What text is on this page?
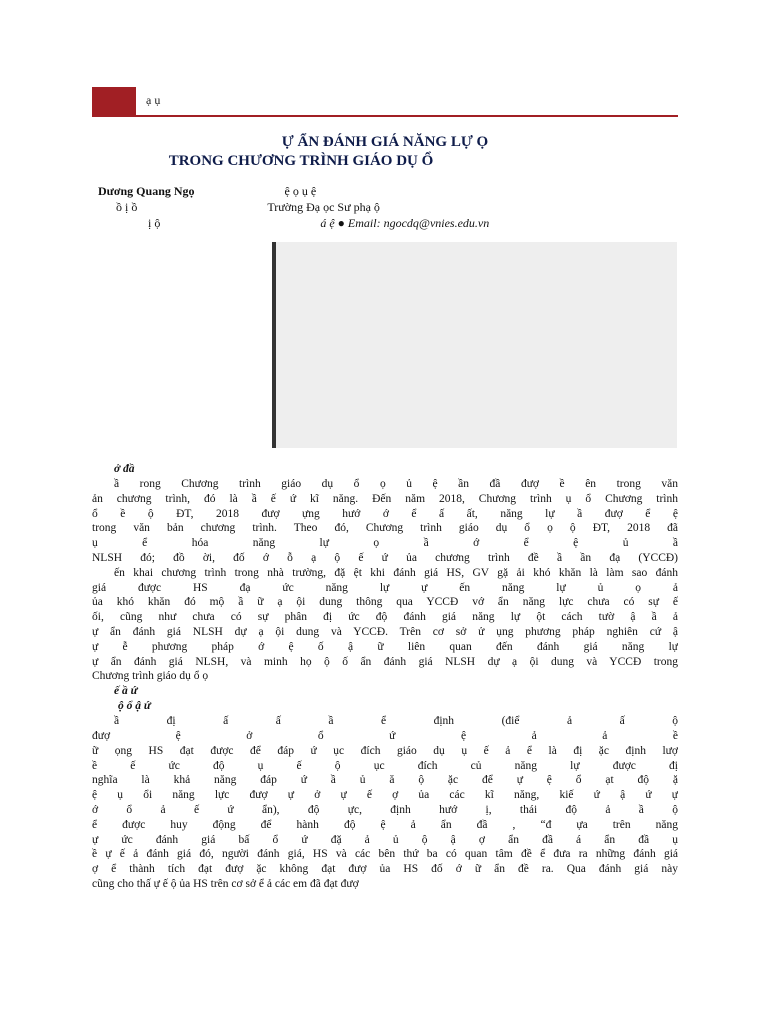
ạ ụ
Ự ẨN ĐÁNH GIÁ NĂNG LỰ Ọ
TRONG CHƯƠNG TRÌNH GIÁO DỤ Ổ
Dương Quang Ngọ	ệ ọ ụ ệ
ồ ị ồ	Trường Đạ ọc Sư phạ ộ
ị ộ	á ệ ● Email: ngocdq@vnies.edu.vn
ở đầ
ầ rong Chương trình giáo dụ ổ ọ ủ ệ ần đầ đượ ề ên trong văn
ản chương trình, đó là ầ ế ứ kĩ năng. Đến năm 2018, Chương trình ụ ổ Chương trình
ổ ề ộ ĐT, 2018 đượ ựng hướ ớ ể ấ ất, năng lự ầ đượ ể ệ
trong văn bản chương trình. Theo đó, Chương trình giáo dụ ổ ọ ộ ĐT, 2018 đã
ụ ể hóa năng lự ọ ầ ớ ể ệ ủ ầ
NLSH đó; đồ ời, đố ớ ỗ ạ ộ ế ứ ủa chương trình đề ầ ần đạ (YCCĐ)
ến khai chương trình trong nhà trường, đặ ệt khi đánh giá HS, GV gặ ải khó khăn là làm sao đánh
giá được HS đạ ức năng lự ự ến năng lự ủ ọ ả
ủa khó khăn đó mộ ầ ữ ạ ội dung thông qua YCCĐ vớ ẩn năng lực chưa có sự ế
ối, cũng như chưa có sự phân đị ức độ đánh giá năng lự ột cách tườ ậ ầ ả
ự ẩn đánh giá NLSH dự ạ ội dung và YCCĐ. Trên cơ sở ử ụng phương pháp nghiên cứ ậ
ự ễ phương pháp ớ ệ ố ậ ữ liên quan đến đánh giá năng lự
ự ẩn đánh giá NLSH, và minh họ ộ ố ẩn đánh giá NLSH dự ạ ội dung và YCCĐ trong
Chương trình giáo dụ ổ ọ
ế ầ ứ
ộ ổ ậ ứ
ầ đị ấ ấ ầ ể định (điể ả ấ ộ
đượ ệ ở ổ ứ ệ ả ả ề
ữ ọng HS đạt được để đáp ứ ục đích giáo dụ ụ ế ả ể là đị ặc định lượ
ề ế ức độ ụ ế ộ ục đích củ năng lự được đị
nghĩa là khả năng đáp ứ ầ ủ ă ộ ặc để ự ệ ổ ạt độ ặ
ệ ụ ổi năng lực đượ ự ở ự ế ợ ủa các kĩ năng, kiế ứ ậ ứ ự
ớ ổ ả ế ứ ẩn), độ ực, định hướ ị, thái độ ả ầ ộ
ể được huy động để hành độ ệ ả ẩn đầ , “đ ựa trên năng
ự ức đánh giá bấ ổ ứ đặ ả ủ ộ ậ ợ ẩn đầ á ẩn đầ ụ
ề ự ế ả đánh giá đó, người đánh giá, HS và các bên thứ ba có quan tâm đề ể đưa ra những đánh giá
ợ ể thành tích đạt đượ ặc không đạt đượ ủa HS đố ớ ữ ẩn đề ra. Qua đánh giá này
cũng cho thấ ự ế ộ ủa HS trên cơ sở ể ả các em đã đạt đượ
